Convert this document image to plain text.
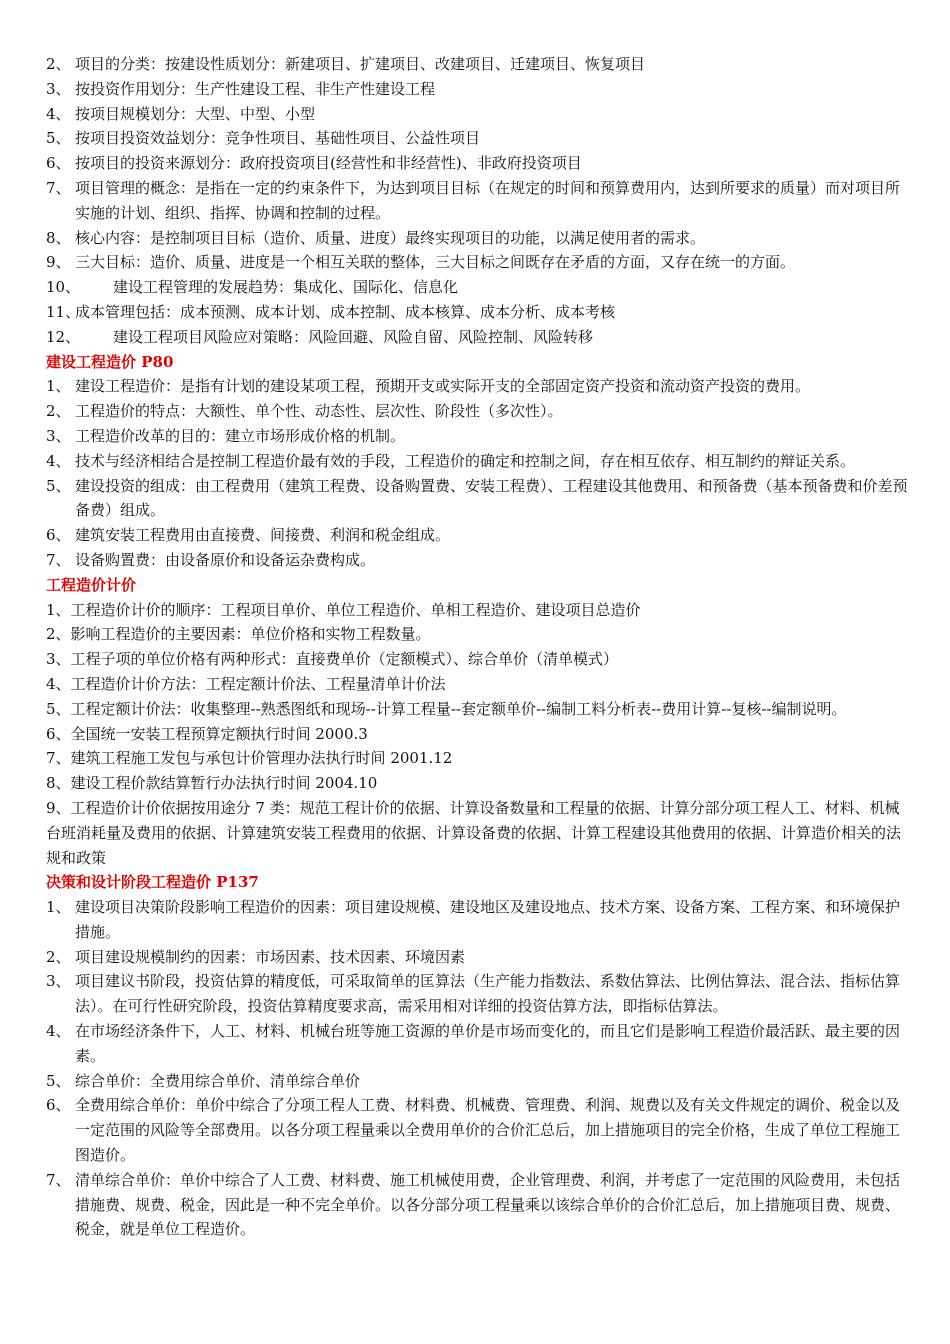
2、 项目的分类：按建设性质划分：新建项目、扩建项目、改建项目、迁建项目、恢复项目
3、 按投资作用划分：生产性建设工程、非生产性建设工程
4、 按项目规模划分：大型、中型、小型
5、 按项目投资效益划分：竞争性项目、基础性项目、公益性项目
6、 按项目的投资来源划分：政府投资项目(经营性和非经营性)、非政府投资项目
7、 项目管理的概念：是指在一定的约束条件下，为达到项目目标（在规定的时间和预算费用内，达到所要求的质量）而对项目所实施的计划、组织、指挥、协调和控制的过程。
8、 核心内容：是控制项目目标（造价、质量、进度）最终实现项目的功能，以满足使用者的需求。
9、 三大目标：造价、质量、进度是一个相互关联的整体，三大目标之间既存在矛盾的方面，又存在统一的方面。
10、	建设工程管理的发展趋势：集成化、国际化、信息化
11、
成本管理包括：成本预测、成本计划、成本控制、成本核算、成本分析、成本考核
12、	建设工程项目风险应对策略：风险回避、风险自留、风险控制、风险转移
建设工程造价 P80
1、 建设工程造价：是指有计划的建设某项工程，预期开支或实际开支的全部固定资产投资和流动资产投资的费用。
2、 工程造价的特点：大额性、单个性、动态性、层次性、阶段性（多次性）。
3、 工程造价改革的目的：建立市场形成价格的机制。
4、 技术与经济相结合是控制工程造价最有效的手段，工程造价的确定和控制之间，存在相互依存、相互制约的辩证关系。
5、 建设投资的组成：由工程费用（建筑工程费、设备购置费、安装工程费）、工程建设其他费用、和预备费（基本预备费和价差预备费）组成。
6、 建筑安装工程费用由直接费、间接费、利润和税金组成。
7、 设备购置费：由设备原价和设备运杂费构成。
工程造价计价
1、工程造价计价的顺序：工程项目单价、单位工程造价、单相工程造价、建设项目总造价
2、影响工程造价的主要因素：单位价格和实物工程数量。
3、工程子项的单位价格有两种形式：直接费单价（定额模式）、综合单价（清单模式）
4、工程造价计价方法：工程定额计价法、工程量清单计价法
5、工程定额计价法：收集整理--熟悉图纸和现场--计算工程量--套定额单价--编制工料分析表--费用计算--复核--编制说明。
6、全国统一安装工程预算定额执行时间 2000.3
7、建筑工程施工发包与承包计价管理办法执行时间 2001.12
8、建设工程价款结算暂行办法执行时间 2004.10
9、工程造价计价依据按用途分 7 类：规范工程计价的依据、计算设备数量和工程量的依据、计算分部分项工程人工、材料、机械台班消耗量及费用的依据、计算建筑安装工程费用的依据、计算设备费的依据、计算工程建设其他费用的依据、计算造价相关的法规和政策
决策和设计阶段工程造价 P137
1、 建设项目决策阶段影响工程造价的因素：项目建设规模、建设地区及建设地点、技术方案、设备方案、工程方案、和环境保护措施。
2、 项目建设规模制约的因素：市场因素、技术因素、环境因素
3、 项目建议书阶段，投资估算的精度低，可采取简单的匡算法（生产能力指数法、系数估算法、比例估算法、混合法、指标估算法）。在可行性研究阶段，投资估算精度要求高，需采用相对详细的投资估算方法，即指标估算法。
4、 在市场经济条件下，人工、材料、机械台班等施工资源的单价是市场而变化的，而且它们是影响工程造价最活跃、最主要的因素。
5、 综合单价：全费用综合单价、清单综合单价
6、 全费用综合单价：单价中综合了分项工程人工费、材料费、机械费、管理费、利润、规费以及有关文件规定的调价、税金以及一定范围的风险等全部费用。以各分项工程量乘以全费用单价的合价汇总后，加上措施项目的完全价格，生成了单位工程施工图造价。
7、 清单综合单价：单价中综合了人工费、材料费、施工机械使用费，企业管理费、利润，并考虑了一定范围的风险费用，未包括措施费、规费、税金，因此是一种不完全单价。以各分部分项工程量乘以该综合单价的合价汇总后，加上措施项目费、规费、税金，就是单位工程造价。
